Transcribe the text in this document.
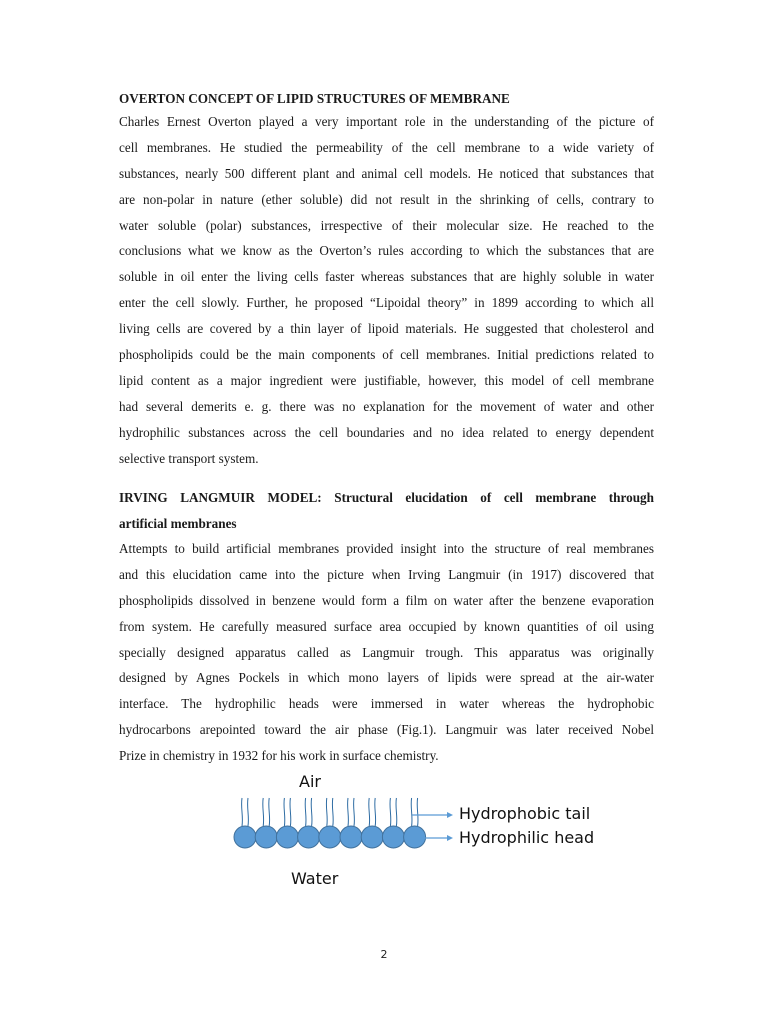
OVERTON CONCEPT OF LIPID STRUCTURES OF MEMBRANE
Charles Ernest Overton played a very important role in the understanding of the picture of
cell membranes. He studied the permeability of the cell membrane to a wide variety of
substances, nearly 500 different plant and animal cell models. He noticed that substances that
are non-polar in nature (ether soluble) did not result in the shrinking of cells, contrary to
water soluble (polar) substances, irrespective of their molecular size. He reached to the
conclusions what we know as the Overton’s rules according to which the substances that are
soluble in oil enter the living cells faster whereas substances that are highly soluble in water
enter the cell slowly. Further, he proposed “Lipoidal theory” in 1899 according to which all
living cells are covered by a thin layer of lipoid materials. He suggested that cholesterol and
phospholipids could be the main components of cell membranes. Initial predictions related to
lipid content as a major ingredient were justifiable, however, this model of cell membrane
had several demerits e. g. there was no explanation for the movement of water and other
hydrophilic substances across the cell boundaries and no idea related to energy dependent
selective transport system.
IRVING LANGMUIR MODEL: Structural elucidation of cell membrane through
artificial membranes
Attempts to build artificial membranes provided insight into the structure of real membranes
and this elucidation came into the picture when Irving Langmuir (in 1917) discovered that
phospholipids dissolved in benzene would form a film on water after the benzene evaporation
from system. He carefully measured surface area occupied by known quantities of oil using
specially designed apparatus called as Langmuir trough. This apparatus was originally
designed by Agnes Pockels in which mono layers of lipids were spread at the air-water
interface. The hydrophilic heads were immersed in water whereas the hydrophobic
hydrocarbons arepointed toward the air phase (Fig.1). Langmuir was later received Nobel
Prize in chemistry in 1932 for his work in surface chemistry.
Air
Hydrophobic tail
Hydrophilic head
Water
2
